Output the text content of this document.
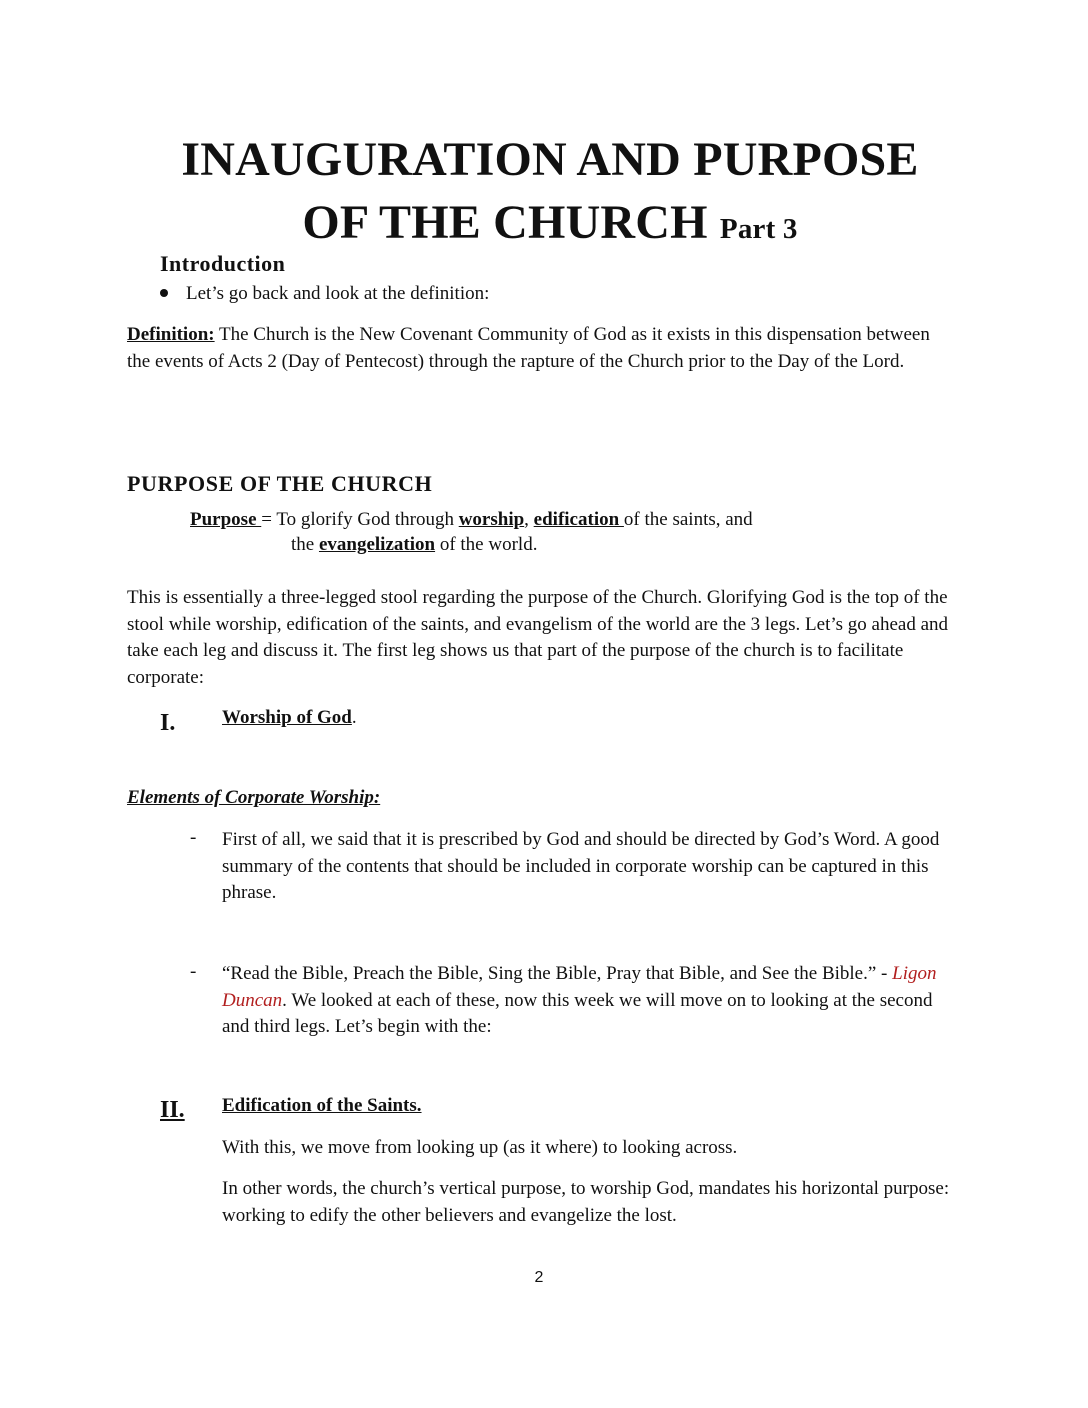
INAUGURATION AND PURPOSE
OF THE CHURCH Part 3
Introduction
Let’s go back and look at the definition:
Definition: The Church is the New Covenant Community of God as it exists in this dispensation between the events of Acts 2 (Day of Pentecost) through the rapture of the Church prior to the Day of the Lord.
PURPOSE OF THE CHURCH
Purpose = To glorify God through worship, edification of the saints, and
the evangelization of the world.
This is essentially a three-legged stool regarding the purpose of the Church. Glorifying God is the top of the stool while worship, edification of the saints, and evangelism of the world are the 3 legs. Let’s go ahead and take each leg and discuss it. The first leg shows us that part of the purpose of the church is to facilitate corporate:
I. Worship of God.
Elements of Corporate Worship:
- First of all, we said that it is prescribed by God and should be directed by God’s Word. A good summary of the contents that should be included in corporate worship can be captured in this phrase.
- “Read the Bible, Preach the Bible, Sing the Bible, Pray that Bible, and See the Bible.” - Ligon Duncan. We looked at each of these, now this week we will move on to looking at the second and third legs. Let’s begin with the:
II. Edification of the Saints.
With this, we move from looking up (as it where) to looking across.
In other words, the church’s vertical purpose, to worship God, mandates his horizontal purpose: working to edify the other believers and evangelize the lost.
2
